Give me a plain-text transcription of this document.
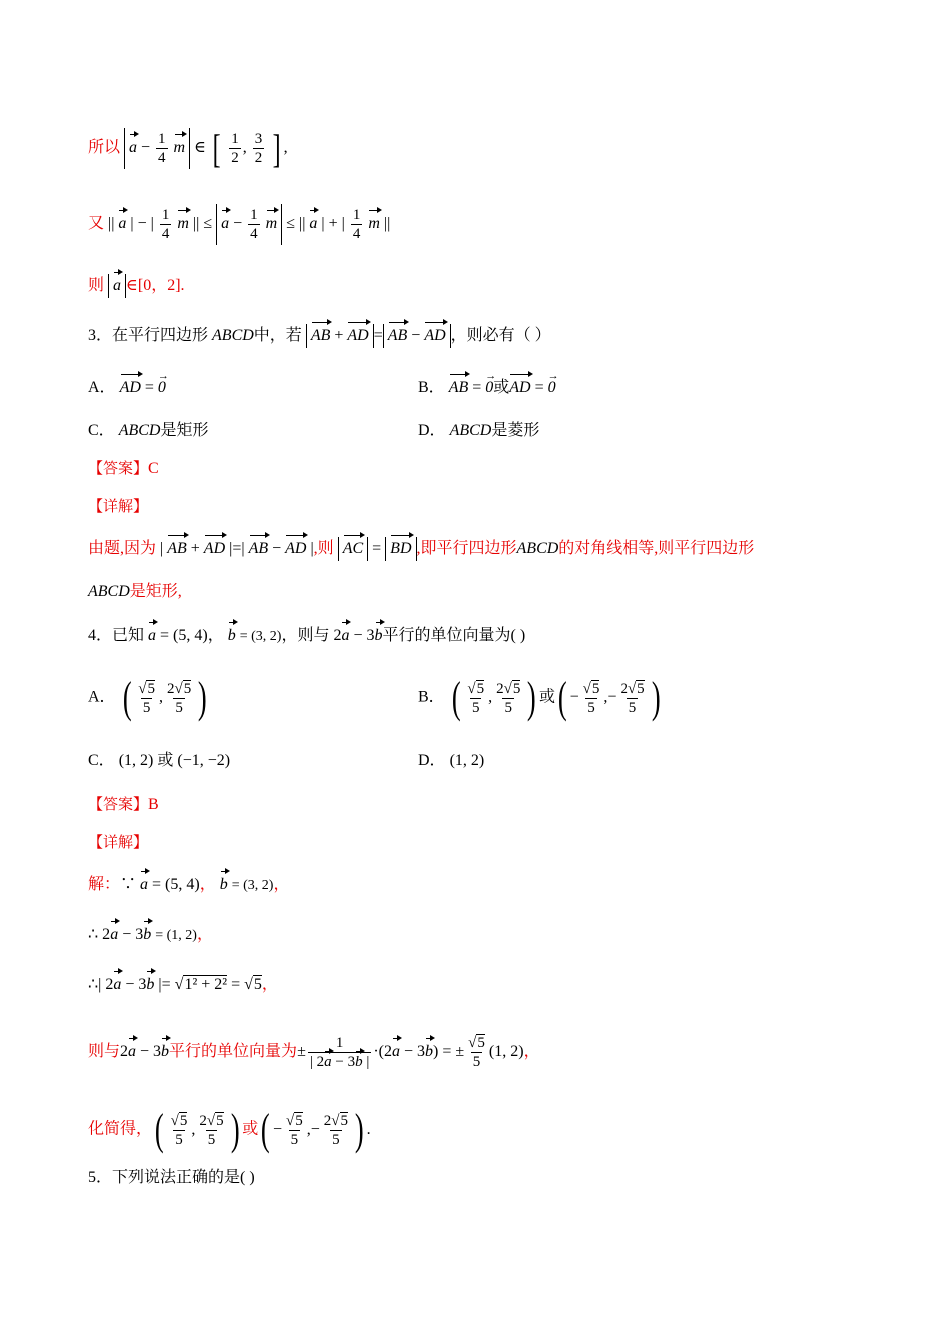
所以 $a - \frac{1}{4}$ m ∈ [ $\frac{1}{2}$ , $\frac{3}{2}$ ] ,
又 || a | − | $\frac{1}{4}$ m || ≤ $a - \frac{1}{4}$ m ≤ || a | + | $\frac{1}{4}$ m ||
则 a ∈[0，2].
3．在平行四边形 ABCD中，若 AB + AD = AB − AD ，则必有（ ）
A． AD = → 0	B． AB = → 0或AD = → 0
C． ABCD是矩形	D． ABCD是菱形
【答案】C
【详解】
由题,因为 | AB + AD |=| AB − AD |,则 AC = BD ,即平行四边形ABCD的对角线相等,则平行四边形
ABCD是矩形,
4．已知 a = (5, 4)， b = (3, 2)，则与 2a − 3b平行的单位向量为( )
A． ( $\frac{√5}{5}$ , $\frac{2√5}{5}$ )	B． ( $\frac{√5}{5}$ , $\frac{2√5}{5}$ ) 或( − $\frac{√5}{5}$ ,− $\frac{2√5}{5}$ )
C． (1, 2) 或 (−1, −2)	D． (1, 2)
【答案】B
【详解】
解：∵ a = (5, 4)， b = (3, 2)，
∴ 2a − 3b = (1, 2)，
∴| 2a − 3b |= √1² + 2² = √5，
则与2a − 3b平行的单位向量为± $\frac{1}{| 2a - 3b |} \cdot(2a - 3b)$ = ± $\frac{√5}{5} (1$, 2)，
化简得，( $\frac{√5}{5}$ , $\frac{2√5}{5}$ ) 或( − $\frac{√5}{5}$ ,− $\frac{2√5}{5}$ ) .
5．下列说法正确的是( )
